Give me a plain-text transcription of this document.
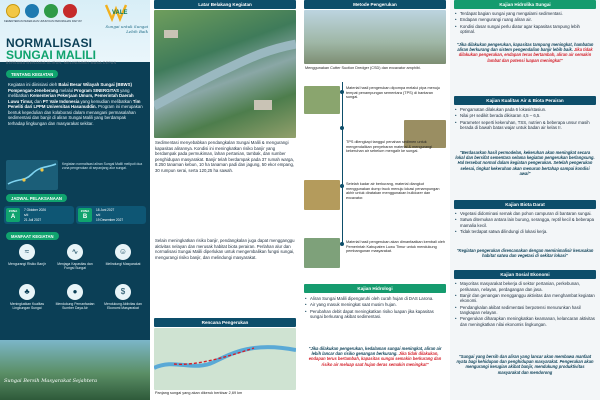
KEMENTERIAN PEKERJAAN UMUM DAN PERUMAHAN RAKYAT
VALE
Sungai untuk Sungai Lebih Baik
NORMALISASI
SUNGAI MALILI
BERSAMA MENJAGA ALIRAN, MELINDUNGI MASA DEPAN
TENTANG KEGIATAN
Kegiatan ini diinisiasi oleh Balai Besar Wilayah Sungai (BBWS) Pompengan-Jeneberang melalui Program SINERGITAS yang melibatkan Kementerian Pekerjaan Umum, Pemerintah Daerah Luwu Timur, dan PT Vale Indonesia yang kemudian melibatkan Tim Peneliti dari LPPM Universitas Hasanuddin. Program ini merupakan bentuk kepedulian dan kolaborasi dalam menangani permasalahan sedimentasi dan banjir di aliran Sungai Malili yang berdampak terhadap lingkungan dan masyarakat sekitar.
Kegiatan normalisasi aliran Sungai Malili meliputi dua zona pengerukan di sepanjang alur sungai.
JADWAL PELAKSANAAN
ZONA
A
7 Oktober 2026
s/d
21 Juli 2027
ZONA
B
18 Juni 2027
s/d
19 Desember 2027
MANFAAT KEGIATAN
≈
Mengurangi Risiko Banjir
∿
Menjaga Kapasitas dan Fungsi Sungai
☺
Melindungi Masyarakat
♣
Meningkatkan Kualitas Lingkungan Sungai
●
Mendukung Pemanfaatan Sumber Daya Air
$
Mendukung Aktivitas dan Ekonomi Masyarakat
Sungai Bersih Masyarakat Sejahtera
Latar Belakang Kegiatan
Sedimentasi menyebabkan pendangkalan Sungai Malili & mengurangi kapasitas alirannya. Kondisi ini meningkatkan risiko banjir yang berdampak pada permukiman, lahan pertanian, tambak, dan sumber penghidupan masyarakat. Banjir telah berdampak pada 37 rumah warga, 8.250 tanaman kebun, 10 ha tanaman padi dan jagung, 50 ekor empang, 30 rumpun serai, serta 120,25 ha sawah.
Selain meningkatkan risiko banjir, pendangkalan juga dapat mengganggu aktivitas nelayan dan merusak habitat biota perairan. Perlahan alur dan normalisasi Sungai Malili diperlukan untuk mengembalikan fungsi sungai, mengurangi risiko banjir, dan melindungi masyarakat.
Rencana Pengerukan
Panjang sungai yang akan dikeruk berkisar 2,69 km
Metode Pengerukan
Menggunakan Cutter Suction Dredger (CSD) dan excavator amphibi.
Material hasil pengerukan dipompa melalui pipa menuju tempat penampungan sementara (TPS) di bantaran sungai.
TPS dilengkapi tanggul penahan sedimen untuk mengendalikan penyebaran material & mengurangi kekeruhan air sebelum mengalir ke sungai.
Setelah kadar air berkurang, material diangkut menggunakan dump truck menuju lokasi penampungan akhir untuk diratakan menggunakan bulldozer dan excavator.
Material hasil pengerukan akan dimanfaatkan kembali oleh Pemerintah Kabupaten Luwu Timur untuk mendukung pembangunan masyarakat.
Kajian Hidrologi
• Aliran Sungai Malili dipengaruhi oleh curah hujan di DAS Larona.
• Air yang masuk meningkat saat musim hujan.
• Perubahan debit dapat meningkatkan risiko luapan jika kapasitas sungai berkurang akibat sedimentasi.
"Jika dilakukan pengerukan, kedalaman sungai meningkat, aliran air lebih lancar dan risiko genangan berkurang. Jika tidak dilakukan, endapan terus bertambah, kapasitas sungai semakin berkurang dan risiko air meluap saat hujan deras semakin meningkat"
Kajian Hidrolika Sungai
• Terdapat bagian sungai yang mengalami sedimentasi.
• Endapan mengurangi ruang aliran air.
• Kondisi dasar sungai perlu diatur agar kapasitas tampung lebih optimal.
"Jika dilakukan pengerukan, kapasitas tampung meningkat, hambatan aliran berkurang dan sistem pengendalian banjir lebih baik. Jika tidak dilakukan pengerukan, endapan terus bertambah, aliran air semakin lambat dan potensi luapan meningkat"
Kajian Kualitas Air & Biota Perairan
• Pengamatan dilakukan pada 6 lokasi/stasiun.
• Nilai pH sedikit berada dikisaran 4,5 – 6,5.
• Parameter seperti kekeruhan, TSS, nutrien & beberapa unsur masih berada di bawah batas wajar untuk badan air kelas II.
"Berdasarkan hasil permodelan, kekeruhan akan meningkat secara lokal dan bersifat sementara selama kegiatan pengerukan berlangsung. Hal tersebut normal dalam kegiatan pengerukan. Setelah pengerukan selesai, tingkat kekeruhan akan menurun bertahap sampai kondisi awal"
Kajian Biota Darat
• Vegetasi didominasi semak dan pohon campuran di bantaran sungai.
• Satwa ditemukan antara lain burung, serangga, reptil kecil & beberapa mamalia kecil.
• Tidak terdapat satwa dilindungi di lokasi kerja.
"Kegiatan pengerukan direncanakan dengan meminimalisir kerusakan habitat satwa dan vegetasi di sekitar lokasi"
Kajian Sosial Ekonomi
• Mayoritas masyarakat bekerja di sektor pertanian, perkebunan, perikanan, nelayan, perdagangan dan jasa.
• Banjir dan genangan mengganggu aktivitas dan menghambat kegiatan ekonomi.
• Pendangkalan akibat sedimentasi berpotensi menurunkan hasil tangkapan nelayan.
• Pengerukan diharapkan meningkatkan keamanan, kelancaran aktivitas dan meningkatkan nilai ekonomis lingkungan.
"Sungai yang bersih dan aliran yang lancar akan membawa manfaat nyata bagi kehidupan dan penghidupan masyarakat. Pengerukan akan mengurangi kerugian akibat banjir, mendukung produktivitas masyarakat dan mendorong
